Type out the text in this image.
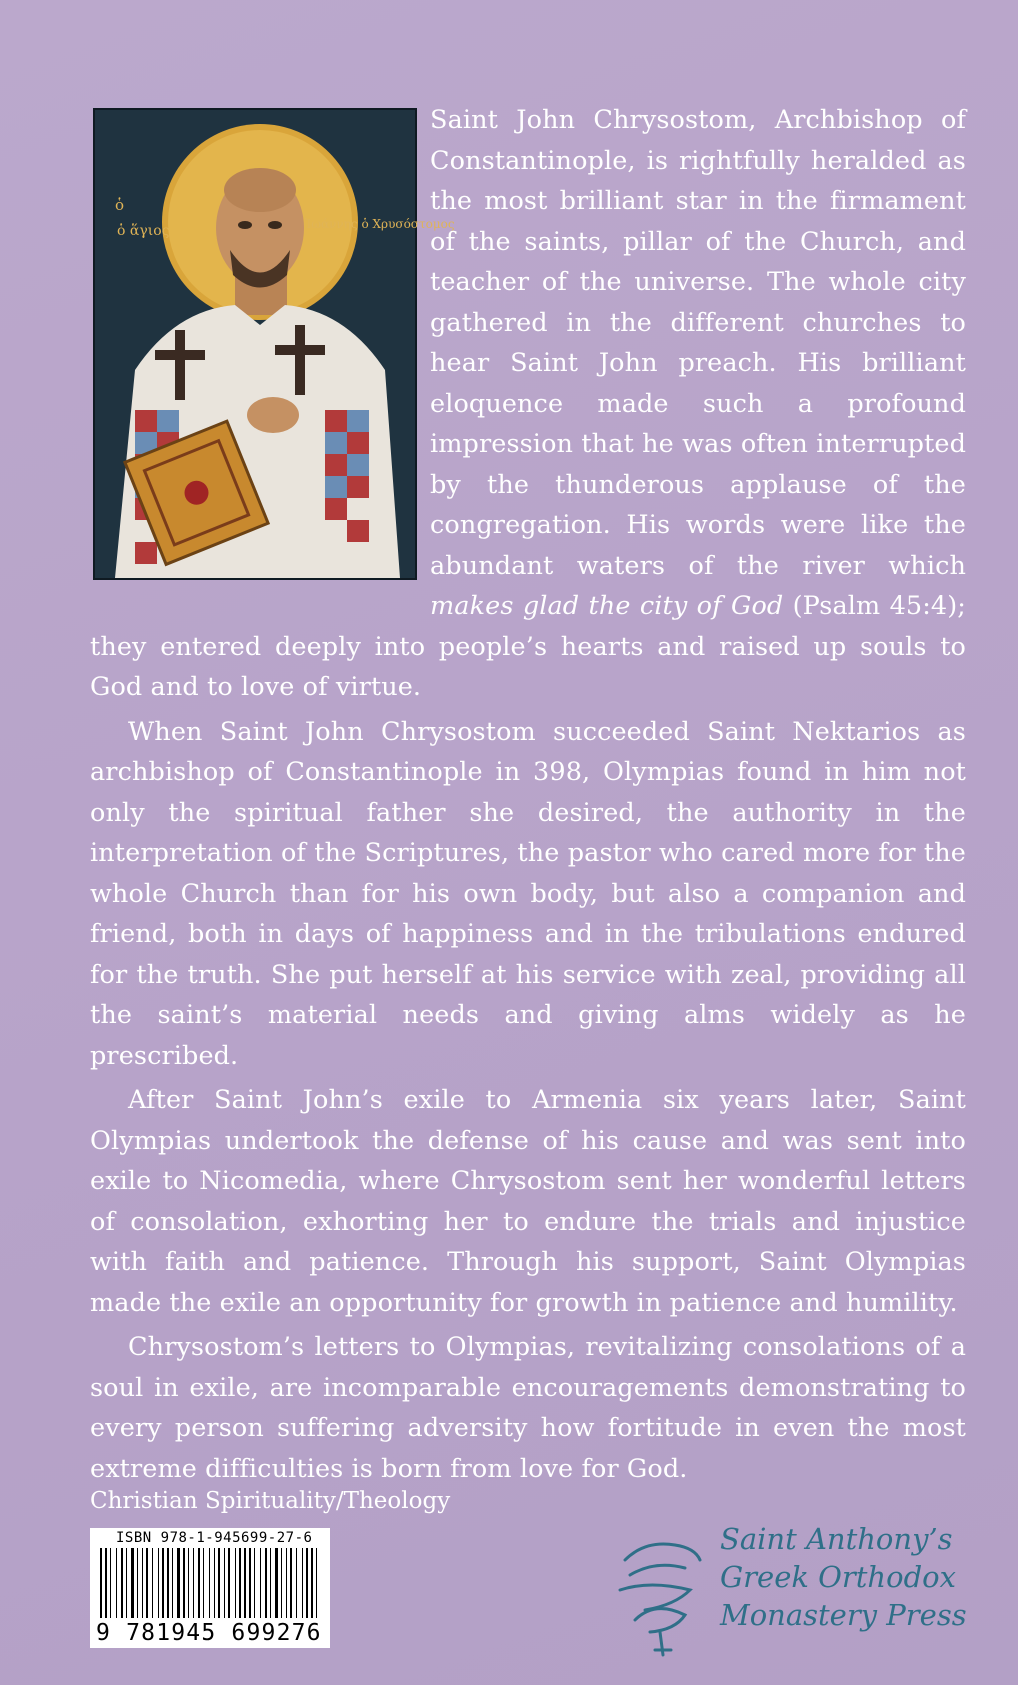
ὁ
ὁ ἅγιος	Ἰωάννης ὁ Χρυσόστομος

Saint John Chrysostom, Archbishop of Constantinople, is rightfully heralded as the most brilliant star in the firmament of the saints, pillar of the Church, and teacher of the universe. The whole city gathered in the different churches to hear Saint John preach. His brilliant eloquence made such a profound impression that he was often interrupted by the thunderous applause of the congregation. His words were like the abundant waters of the river which makes glad the city of God (Psalm 45:4); they entered deeply into people’s hearts and raised up souls to God and to love of virtue.

When Saint John Chrysostom succeeded Saint Nektarios as archbishop of Constantinople in 398, Olympias found in him not only the spiritual father she desired, the authority in the interpretation of the Scriptures, the pastor who cared more for the whole Church than for his own body, but also a companion and friend, both in days of happiness and in the tribulations endured for the truth. She put herself at his service with zeal, providing all the saint’s material needs and giving alms widely as he prescribed.

After Saint John’s exile to Armenia six years later, Saint Olympias undertook the defense of his cause and was sent into exile to Nicomedia, where Chrysostom sent her wonderful letters of consolation, exhorting her to endure the trials and injustice with faith and patience. Through his support, Saint Olympias made the exile an opportunity for growth in patience and humility.

Chrysostom’s letters to Olympias, revitalizing consolations of a soul in exile, are incomparable encouragements demonstrating to every person suffering adversity how fortitude in even the most extreme difficulties is born from love for God.

Christian Spirituality/Theology
ISBN 978-1-945699-27-6
9 781945 699276
Saint Anthony’s
Greek Orthodox
Monastery Press
